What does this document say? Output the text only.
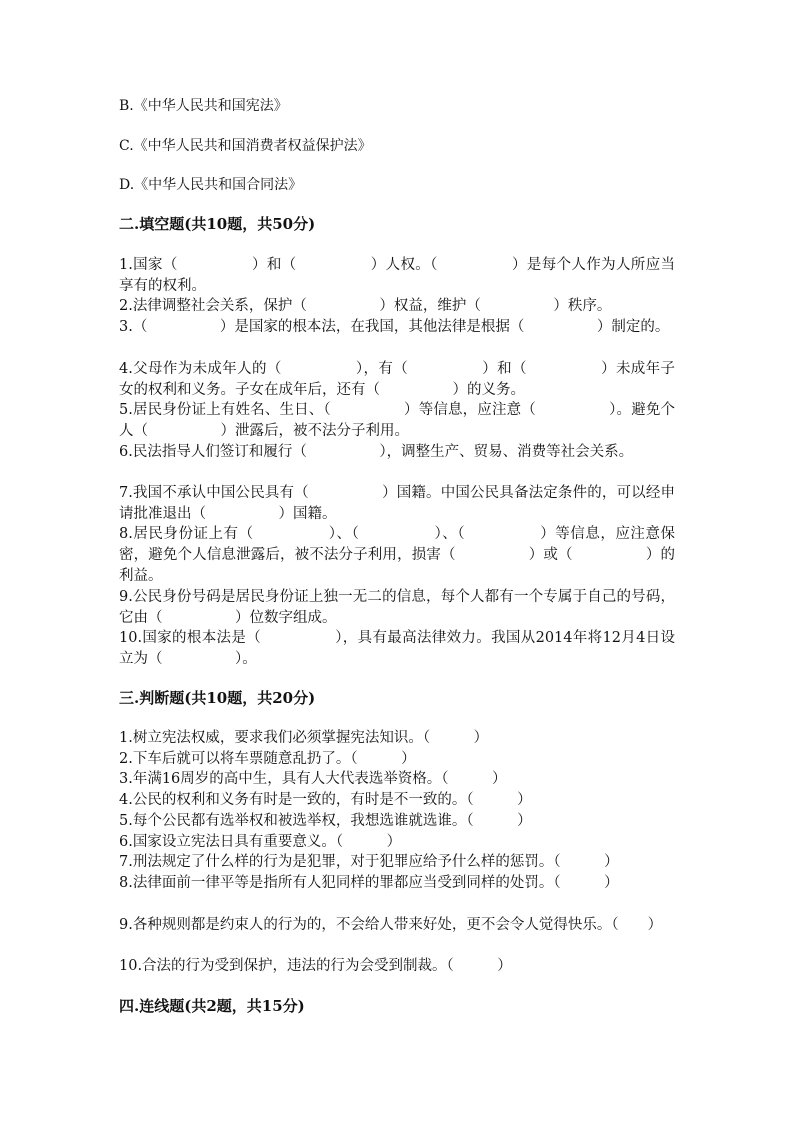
B.《中华人民共和国宪法》
C.《中华人民共和国消费者权益保护法》
D.《中华人民共和国合同法》
二.填空题(共10题，共50分)
1.国家（　　　　　）和（　　　　　）人权。（　　　　　）是每个人作为人所应当享有的权利。
2.法律调整社会关系，保护（　　　　　）权益，维护（　　　　　）秩序。
3.（　　　　　）是国家的根本法，在我国，其他法律是根据（　　　　　）制定的。
4.父母作为未成年人的（　　　　　），有（　　　　　）和（　　　　　）未成年子女的权利和义务。子女在成年后，还有（　　　　　）的义务。
5.居民身份证上有姓名、生日、（　　　　　）等信息，应注意（　　　　　）。避免个人（　　　　　）泄露后，被不法分子利用。
6.民法指导人们签订和履行（　　　　　），调整生产、贸易、消费等社会关系。
7.我国不承认中国公民具有（　　　　　）国籍。中国公民具备法定条件的，可以经申请批准退出（　　　　　）国籍。
8.居民身份证上有（　　　　　）、（　　　　　）、（　　　　　）等信息，应注意保密，避免个人信息泄露后，被不法分子利用，损害（　　　　　）或（　　　　　）的利益。
9.公民身份号码是居民身份证上独一无二的信息，每个人都有一个专属于自己的号码，它由（　　　　　）位数字组成。
10.国家的根本法是（　　　　　），具有最高法律效力。我国从2014年将12月4日设立为（　　　　　）。
三.判断题(共10题，共20分)
1.树立宪法权威，要求我们必须掌握宪法知识。（　　　）
2.下车后就可以将车票随意乱扔了。（　　　）
3.年满16周岁的高中生，具有人大代表选举资格。（　　　）
4.公民的权利和义务有时是一致的，有时是不一致的。（　　　）
5.每个公民都有选举权和被选举权，我想选谁就选谁。（　　　）
6.国家设立宪法日具有重要意义。（　　　）
7.刑法规定了什么样的行为是犯罪，对于犯罪应给予什么样的惩罚。（　　　）
8.法律面前一律平等是指所有人犯同样的罪都应当受到同样的处罚。（　　　）
9.各种规则都是约束人的行为的，不会给人带来好处，更不会令人觉得快乐。（　　）
10.合法的行为受到保护，违法的行为会受到制裁。（　　　）
四.连线题(共2题，共15分)
